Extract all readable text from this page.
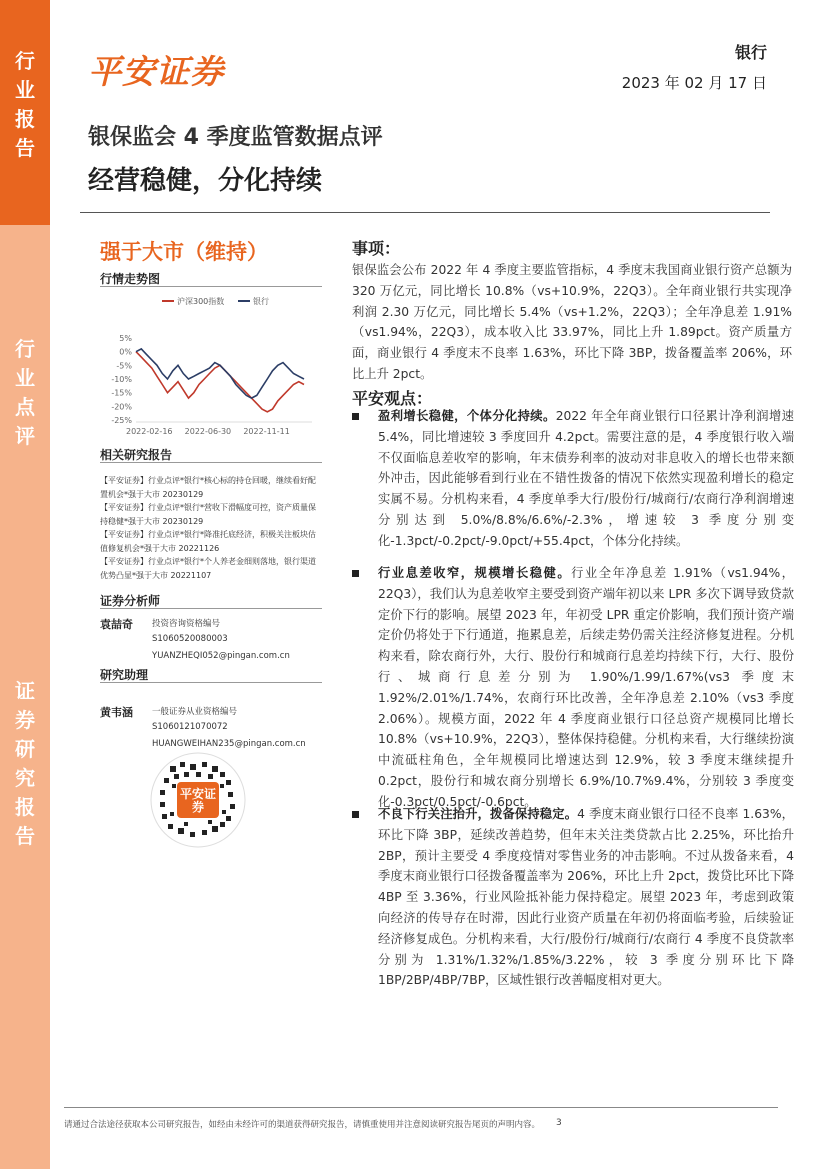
行业报告
行业点评
证券研究报告
平安证券	银行
2023 年 02 月 17 日
银保监会 4 季度监管数据点评
经营稳健，分化持续
强于大市（维持）
行情走势图
沪深300指数	银行
5%
0%
-5%
-10%
-15%
-20%
-25%
2022-02-16 2022-06-30 2022-11-11
相关研究报告
【平安证券】行业点评*银行*核心标的持仓回暖，继续看好配置机会*强于大市 20230129
【平安证券】行业点评*银行*营收下滑幅度可控，资产质量保持稳健*强于大市 20230129
【平安证券】行业点评*银行*降准托底经济，积极关注板块估值修复机会*强于大市 20221126
【平安证券】行业点评*银行*个人养老金细则落地，银行渠道优势凸显*强于大市 20221107
证券分析师
袁喆奇 投资咨询资格编号
S1060520080003
YUANZHEQI052@pingan.com.cn
研究助理
黄韦涵 一般证券从业资格编号
S1060121070072
HUANGWEIHAN235@pingan.com.cn
平安证券
事项：
银保监会公布 2022 年 4 季度主要监管指标，4 季度末我国商业银行资产总额为 320 万亿元，同比增长 10.8%（vs+10.9%，22Q3）。全年商业银行共实现净利润 2.30 万亿元，同比增长 5.4%（vs+1.2%，22Q3）；全年净息差 1.91%（vs1.94%，22Q3），成本收入比 33.97%，同比上升 1.89pct。资产质量方面，商业银行 4 季度末不良率 1.63%，环比下降 3BP，拨备覆盖率 206%，环比上升 2pct。
平安观点：
盈利增长稳健，个体分化持续。2022 年全年商业银行口径累计净利润增速 5.4%，同比增速较 3 季度回升 4.2pct。需要注意的是，4 季度银行收入端不仅面临息差收窄的影响，年末债券利率的波动对非息收入的增长也带来额外冲击，因此能够看到行业在不错性拨备的情况下依然实现盈利增长的稳定实属不易。分机构来看，4 季度单季大行/股份行/城商行/农商行净利润增速分别达到 5.0%/8.8%/6.6%/-2.3%，增速较 3 季度分别变化-1.3pct/-0.2pct/-9.0pct/+55.4pct，个体分化持续。
行业息差收窄，规模增长稳健。行业全年净息差 1.91%（vs1.94%，22Q3），我们认为息差收窄主要受到资产端年初以来 LPR 多次下调导致贷款定价下行的影响。展望 2023 年，年初受 LPR 重定价影响，我们预计资产端定价仍将处于下行通道，拖累息差，后续走势仍需关注经济修复进程。分机构来看，除农商行外，大行、股份行和城商行息差均持续下行，大行、股份行、城商行息差分别为 1.90%/1.99/1.67%(vs3 季度末 1.92%/2.01%/1.74%，农商行环比改善，全年净息差 2.10%（vs3 季度 2.06%）。规模方面，2022 年 4 季度商业银行口径总资产规模同比增长 10.8%（vs+10.9%，22Q3），整体保持稳健。分机构来看，大行继续扮演中流砥柱角色，全年规模同比增速达到 12.9%，较 3 季度末继续提升 0.2pct，股份行和城农商分别增长 6.9%/10.7%9.4%，分别较 3 季度变化-0.3pct/0.5pct/-0.6pct。
不良下行关注抬升，拨备保持稳定。4 季度末商业银行口径不良率 1.63%，环比下降 3BP，延续改善趋势，但年末关注类贷款占比 2.25%，环比抬升 2BP，预计主要受 4 季度疫情对零售业务的冲击影响。不过从拨备来看，4 季度末商业银行口径拨备覆盖率为 206%，环比上升 2pct，拨贷比环比下降 4BP 至 3.36%，行业风险抵补能力保持稳定。展望 2023 年，考虑到政策向经济的传导存在时滞，因此行业资产质量在年初仍将面临考验，后续验证经济修复成色。分机构来看，大行/股份行/城商行/农商行 4 季度不良贷款率分别为 1.31%/1.32%/1.85%/3.22%，较 3 季度分别环比下降 1BP/2BP/4BP/7BP，区域性银行改善幅度相对更大。
请通过合法途径获取本公司研究报告，如经由未经许可的渠道获得研究报告，请慎重使用并注意阅读研究报告尾页的声明内容。 3
